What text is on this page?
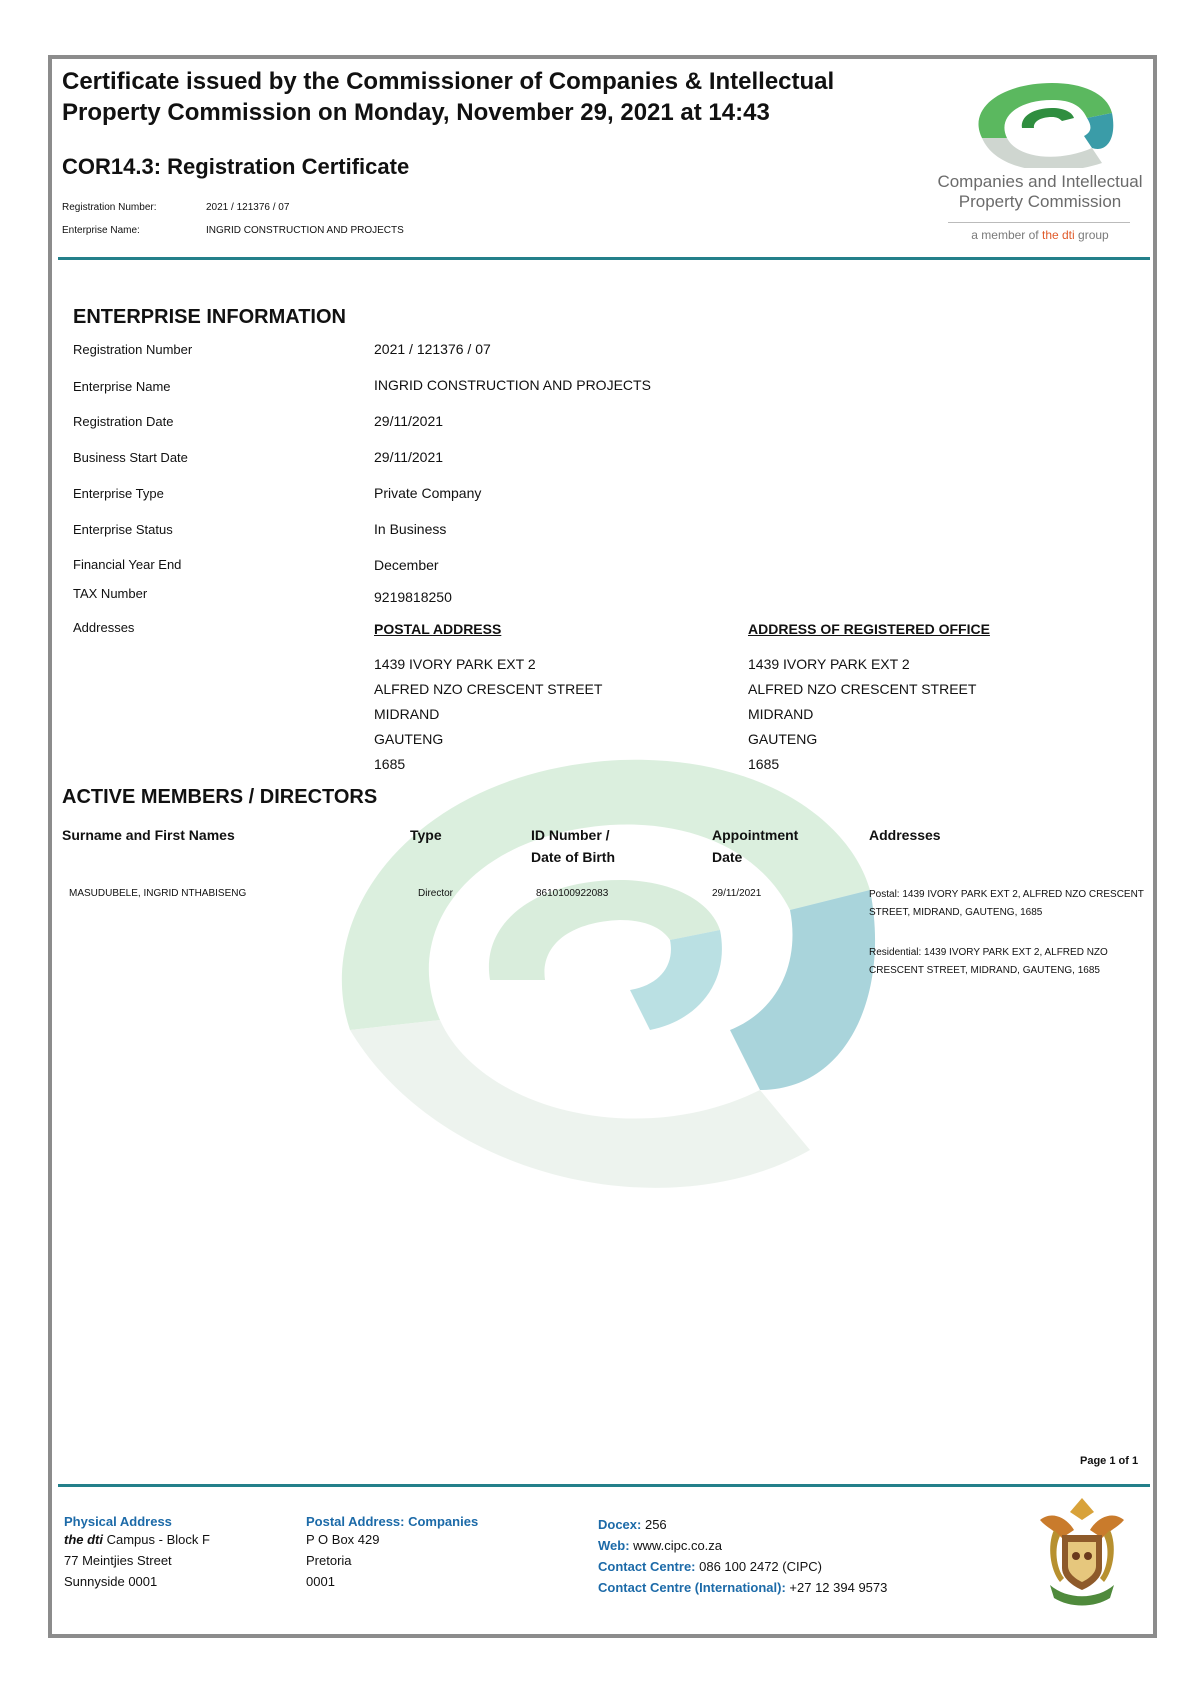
Certificate issued by the Commissioner of Companies & Intellectual Property Commission on Monday, November 29, 2021 at 14:43
COR14.3: Registration Certificate
Registration Number:	2021 / 121376 / 07
Enterprise Name:	INGRID CONSTRUCTION AND PROJECTS
Companies and Intellectual
Property Commission
a member of the dti group
ENTERPRISE INFORMATION
Registration Number	2021 / 121376 / 07
Enterprise Name	INGRID CONSTRUCTION AND PROJECTS
Registration Date	29/11/2021
Business Start Date	29/11/2021
Enterprise Type	Private Company
Enterprise Status	In Business
Financial Year End	December
TAX Number	9219818250
Addresses	POSTAL ADDRESS	ADDRESS OF REGISTERED OFFICE
1439 IVORY PARK EXT 2
ALFRED NZO CRESCENT STREET
MIDRAND
GAUTENG
1685
1439 IVORY PARK EXT 2
ALFRED NZO CRESCENT STREET
MIDRAND
GAUTENG
1685
ACTIVE MEMBERS / DIRECTORS
Surname and First Names	Type	ID Number /
Date of Birth
Appointment
Date
Addresses
MASUDUBELE, INGRID NTHABISENG	Director	8610100922083	29/11/2021	Postal: 1439 IVORY PARK EXT 2, ALFRED NZO CRESCENT STREET, MIDRAND, GAUTENG, 1685
Residential: 1439 IVORY PARK EXT 2, ALFRED NZO CRESCENT STREET, MIDRAND, GAUTENG, 1685
Page 1 of 1
Physical Address
the dti Campus - Block F
77 Meintjies Street
Sunnyside 0001
Postal Address: Companies
P O Box 429
Pretoria
0001
Docex: 256
Web: www.cipc.co.za
Contact Centre: 086 100 2472 (CIPC)
Contact Centre (International): +27 12 394 9573
